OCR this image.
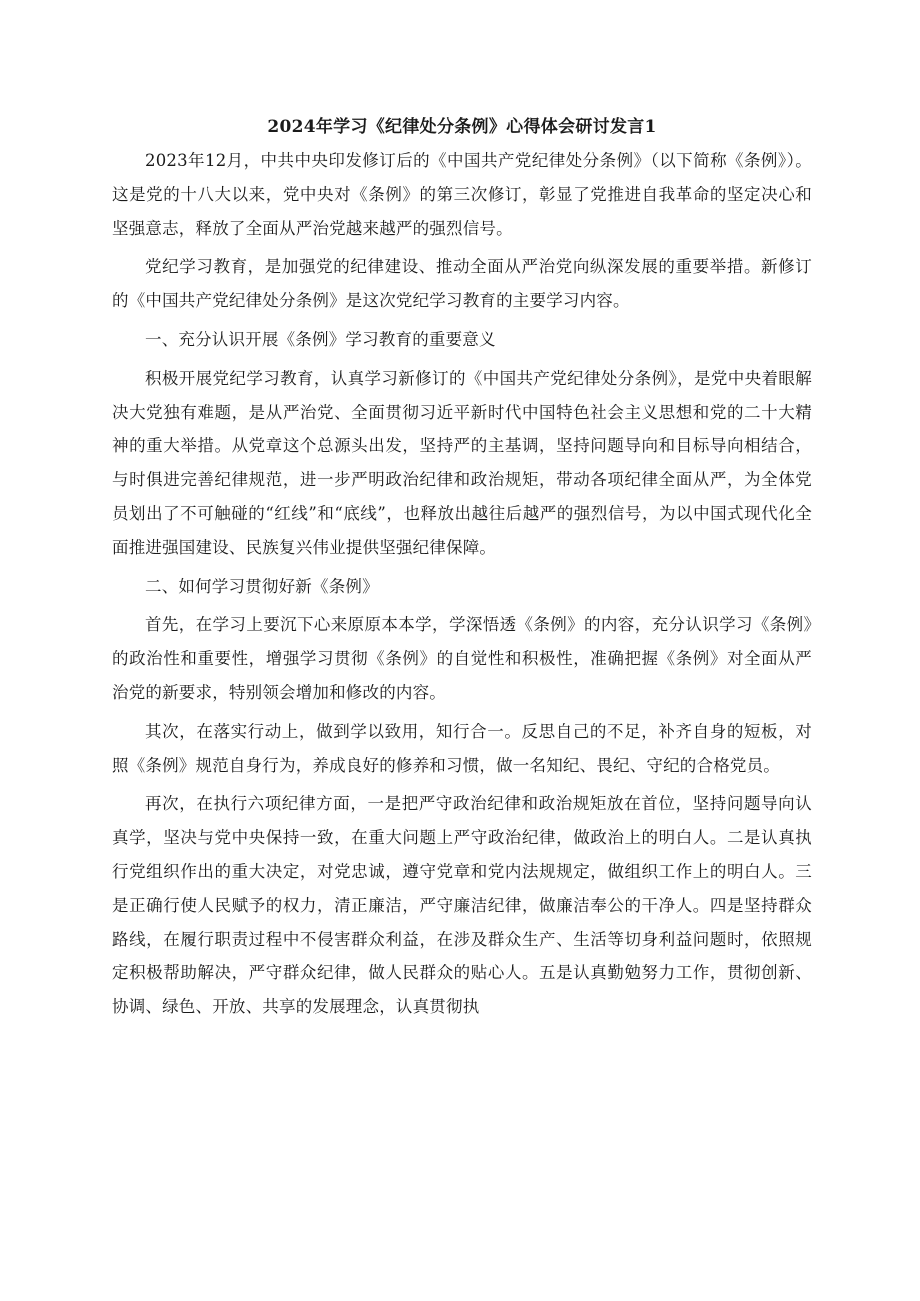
2024年学习《纪律处分条例》心得体会研讨发言1
2023年12月，中共中央印发修订后的《中国共产党纪律处分条例》（以下简称《条例》）。这是党的十八大以来，党中央对《条例》的第三次修订，彰显了党推进自我革命的坚定决心和坚强意志，释放了全面从严治党越来越严的强烈信号。
党纪学习教育，是加强党的纪律建设、推动全面从严治党向纵深发展的重要举措。新修订的《中国共产党纪律处分条例》是这次党纪学习教育的主要学习内容。
一、充分认识开展《条例》学习教育的重要意义
积极开展党纪学习教育，认真学习新修订的《中国共产党纪律处分条例》，是党中央着眼解决大党独有难题，是从严治党、全面贯彻习近平新时代中国特色社会主义思想和党的二十大精神的重大举措。从党章这个总源头出发，坚持严的主基调，坚持问题导向和目标导向相结合，与时俱进完善纪律规范，进一步严明政治纪律和政治规矩，带动各项纪律全面从严，为全体党员划出了不可触碰的“红线”和“底线”，也释放出越往后越严的强烈信号，为以中国式现代化全面推进强国建设、民族复兴伟业提供坚强纪律保障。
二、如何学习贯彻好新《条例》
首先，在学习上要沉下心来原原本本学，学深悟透《条例》的内容，充分认识学习《条例》的政治性和重要性，增强学习贯彻《条例》的自觉性和积极性，准确把握《条例》对全面从严治党的新要求，特别领会增加和修改的内容。
其次，在落实行动上，做到学以致用，知行合一。反思自己的不足，补齐自身的短板，对照《条例》规范自身行为，养成良好的修养和习惯，做一名知纪、畏纪、守纪的合格党员。
再次，在执行六项纪律方面，一是把严守政治纪律和政治规矩放在首位，坚持问题导向认真学，坚决与党中央保持一致，在重大问题上严守政治纪律，做政治上的明白人。二是认真执行党组织作出的重大决定，对党忠诚，遵守党章和党内法规规定，做组织工作上的明白人。三是正确行使人民赋予的权力，清正廉洁，严守廉洁纪律，做廉洁奉公的干净人。四是坚持群众路线，在履行职责过程中不侵害群众利益，在涉及群众生产、生活等切身利益问题时，依照规定积极帮助解决，严守群众纪律，做人民群众的贴心人。五是认真勤勉努力工作，贯彻创新、协调、绿色、开放、共享的发展理念，认真贯彻执
